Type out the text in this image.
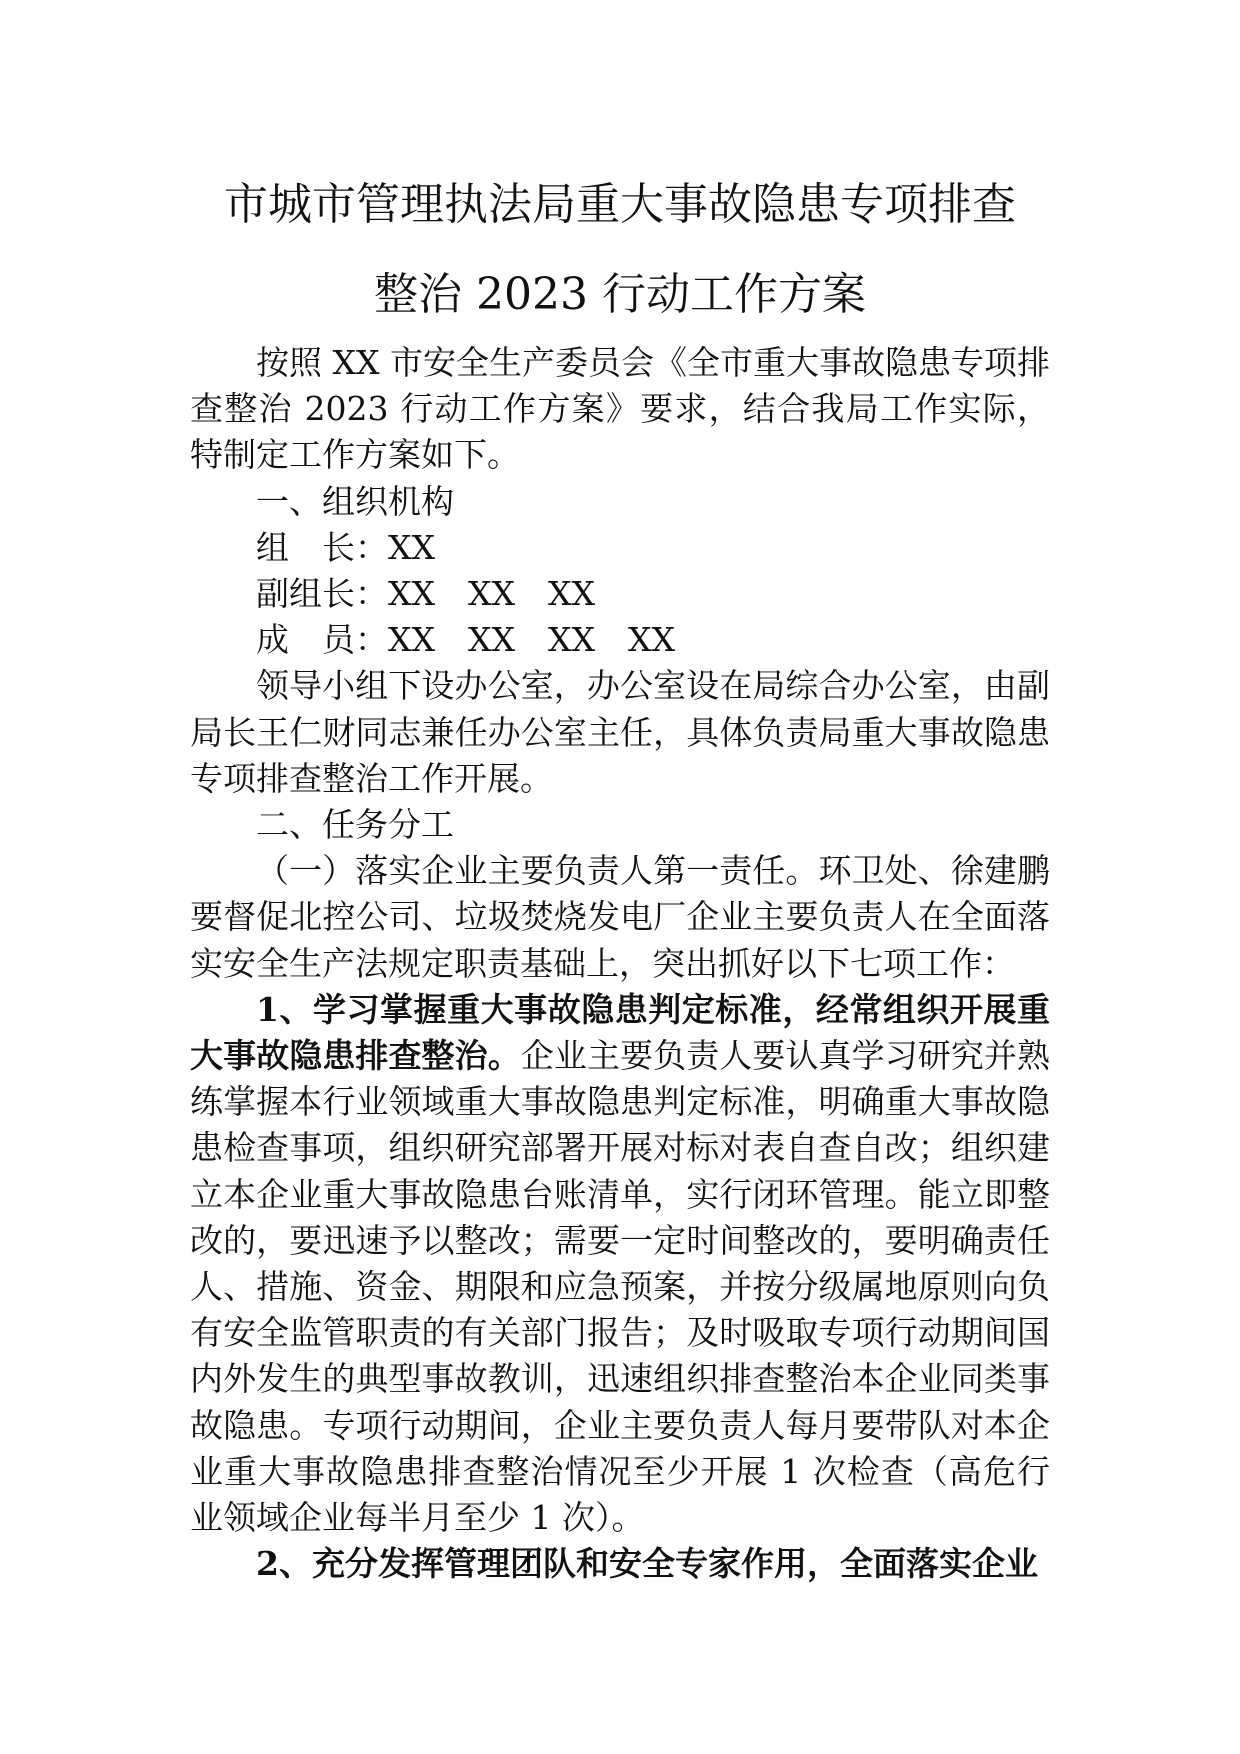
市城市管理执法局重大事故隐患专项排查
整治 2023 行动工作方案

按照 XX 市安全生产委员会《全市重大事故隐患专项排查整治 2023 行动工作方案》要求，结合我局工作实际，特制定工作方案如下。

一、组织机构

组　长：XX

副组长：XX　XX　XX

成　员：XX　XX　XX　XX

领导小组下设办公室，办公室设在局综合办公室，由副局长王仁财同志兼任办公室主任，具体负责局重大事故隐患专项排查整治工作开展。

二、任务分工

（一）落实企业主要负责人第一责任。环卫处、徐建鹏要督促北控公司、垃圾焚烧发电厂企业主要负责人在全面落实安全生产法规定职责基础上，突出抓好以下七项工作：

1、学习掌握重大事故隐患判定标准，经常组织开展重大事故隐患排查整治。企业主要负责人要认真学习研究并熟练掌握本行业领域重大事故隐患判定标准，明确重大事故隐患检查事项，组织研究部署开展对标对表自查自改；组织建立本企业重大事故隐患台账清单，实行闭环管理。能立即整改的，要迅速予以整改；需要一定时间整改的，要明确责任人、措施、资金、期限和应急预案，并按分级属地原则向负有安全监管职责的有关部门报告；及时吸取专项行动期间国内外发生的典型事故教训，迅速组织排查整治本企业同类事故隐患。专项行动期间，企业主要负责人每月要带队对本企业重大事故隐患排查整治情况至少开展 1 次检查（高危行业领域企业每半月至少 1 次）。

2、充分发挥管理团队和安全专家作用，全面落实企业
